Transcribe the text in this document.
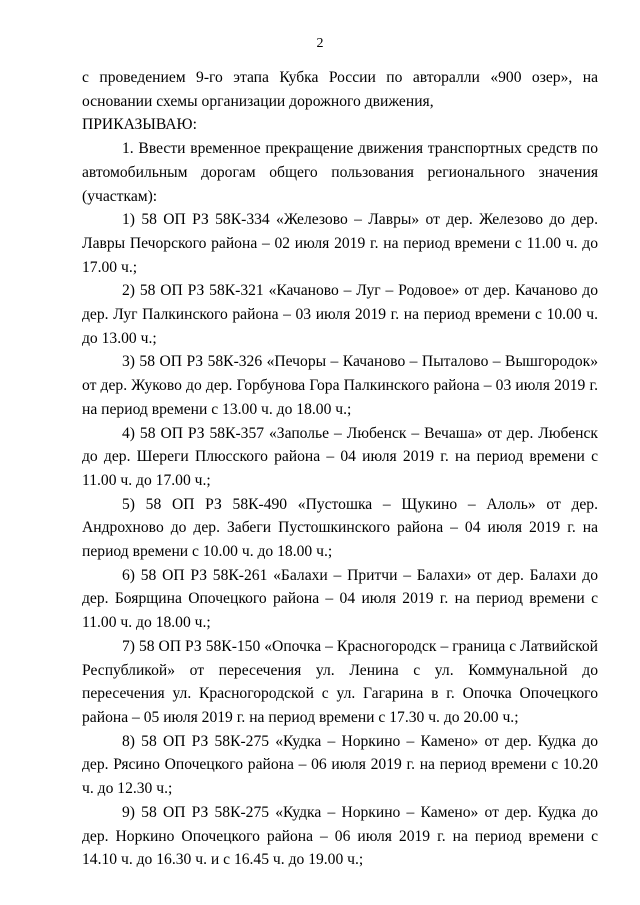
2

с проведением 9-го этапа Кубка России по авторалли «900 озер», на основании схемы организации дорожного движения,

ПРИКАЗЫВАЮ:

1. Ввести временное прекращение движения транспортных средств по автомобильным дорогам общего пользования регионального значения (участкам):

1) 58 ОП РЗ 58К-334 «Железово – Лавры» от дер. Железово до дер. Лавры Печорского района – 02 июля 2019 г. на период времени с 11.00 ч. до 17.00 ч.;

2) 58 ОП РЗ 58К-321 «Качаново – Луг – Родовое» от дер. Качаново до дер. Луг Палкинского района – 03 июля 2019 г. на период времени с 10.00 ч. до 13.00 ч.;

3) 58 ОП РЗ 58К-326 «Печоры – Качаново – Пыталово – Вышгородок» от дер. Жуково до дер. Горбунова Гора Палкинского района – 03 июля 2019 г. на период времени с 13.00 ч. до 18.00 ч.;

4) 58 ОП РЗ 58К-357 «Запольe – Любенск – Вечаша» от дер. Любенск до дер. Шереги Плюсского района – 04 июля 2019 г. на период времени с 11.00 ч. до 17.00 ч.;

5) 58 ОП РЗ 58К-490 «Пустошка – Щукино – Алоль» от дер. Андрохново до дер. Забеги Пустошкинского района – 04 июля 2019 г. на период времени с 10.00 ч. до 18.00 ч.;

6) 58 ОП РЗ 58К-261 «Балахи – Притчи – Балахи» от дер. Балахи до дер. Боярщина Опочецкого района – 04 июля 2019 г. на период времени с 11.00 ч. до 18.00 ч.;

7) 58 ОП РЗ 58К-150 «Опочка – Красногородск – граница с Латвийской Республикой» от пересечения ул. Ленина с ул. Коммунальной до пересечения ул. Красногородской с ул. Гагарина в г. Опочка Опочецкого района – 05 июля 2019 г. на период времени с 17.30 ч. до 20.00 ч.;

8) 58 ОП РЗ 58К-275 «Кудка – Норкино – Камено» от дер. Кудка до дер. Рясино Опочецкого района – 06 июля 2019 г. на период времени с 10.20 ч. до 12.30 ч.;

9) 58 ОП РЗ 58К-275 «Кудка – Норкино – Камено» от дер. Кудка до дер. Норкино Опочецкого района – 06 июля 2019 г. на период времени с 14.10 ч. до 16.30 ч. и с 16.45 ч. до 19.00 ч.;
